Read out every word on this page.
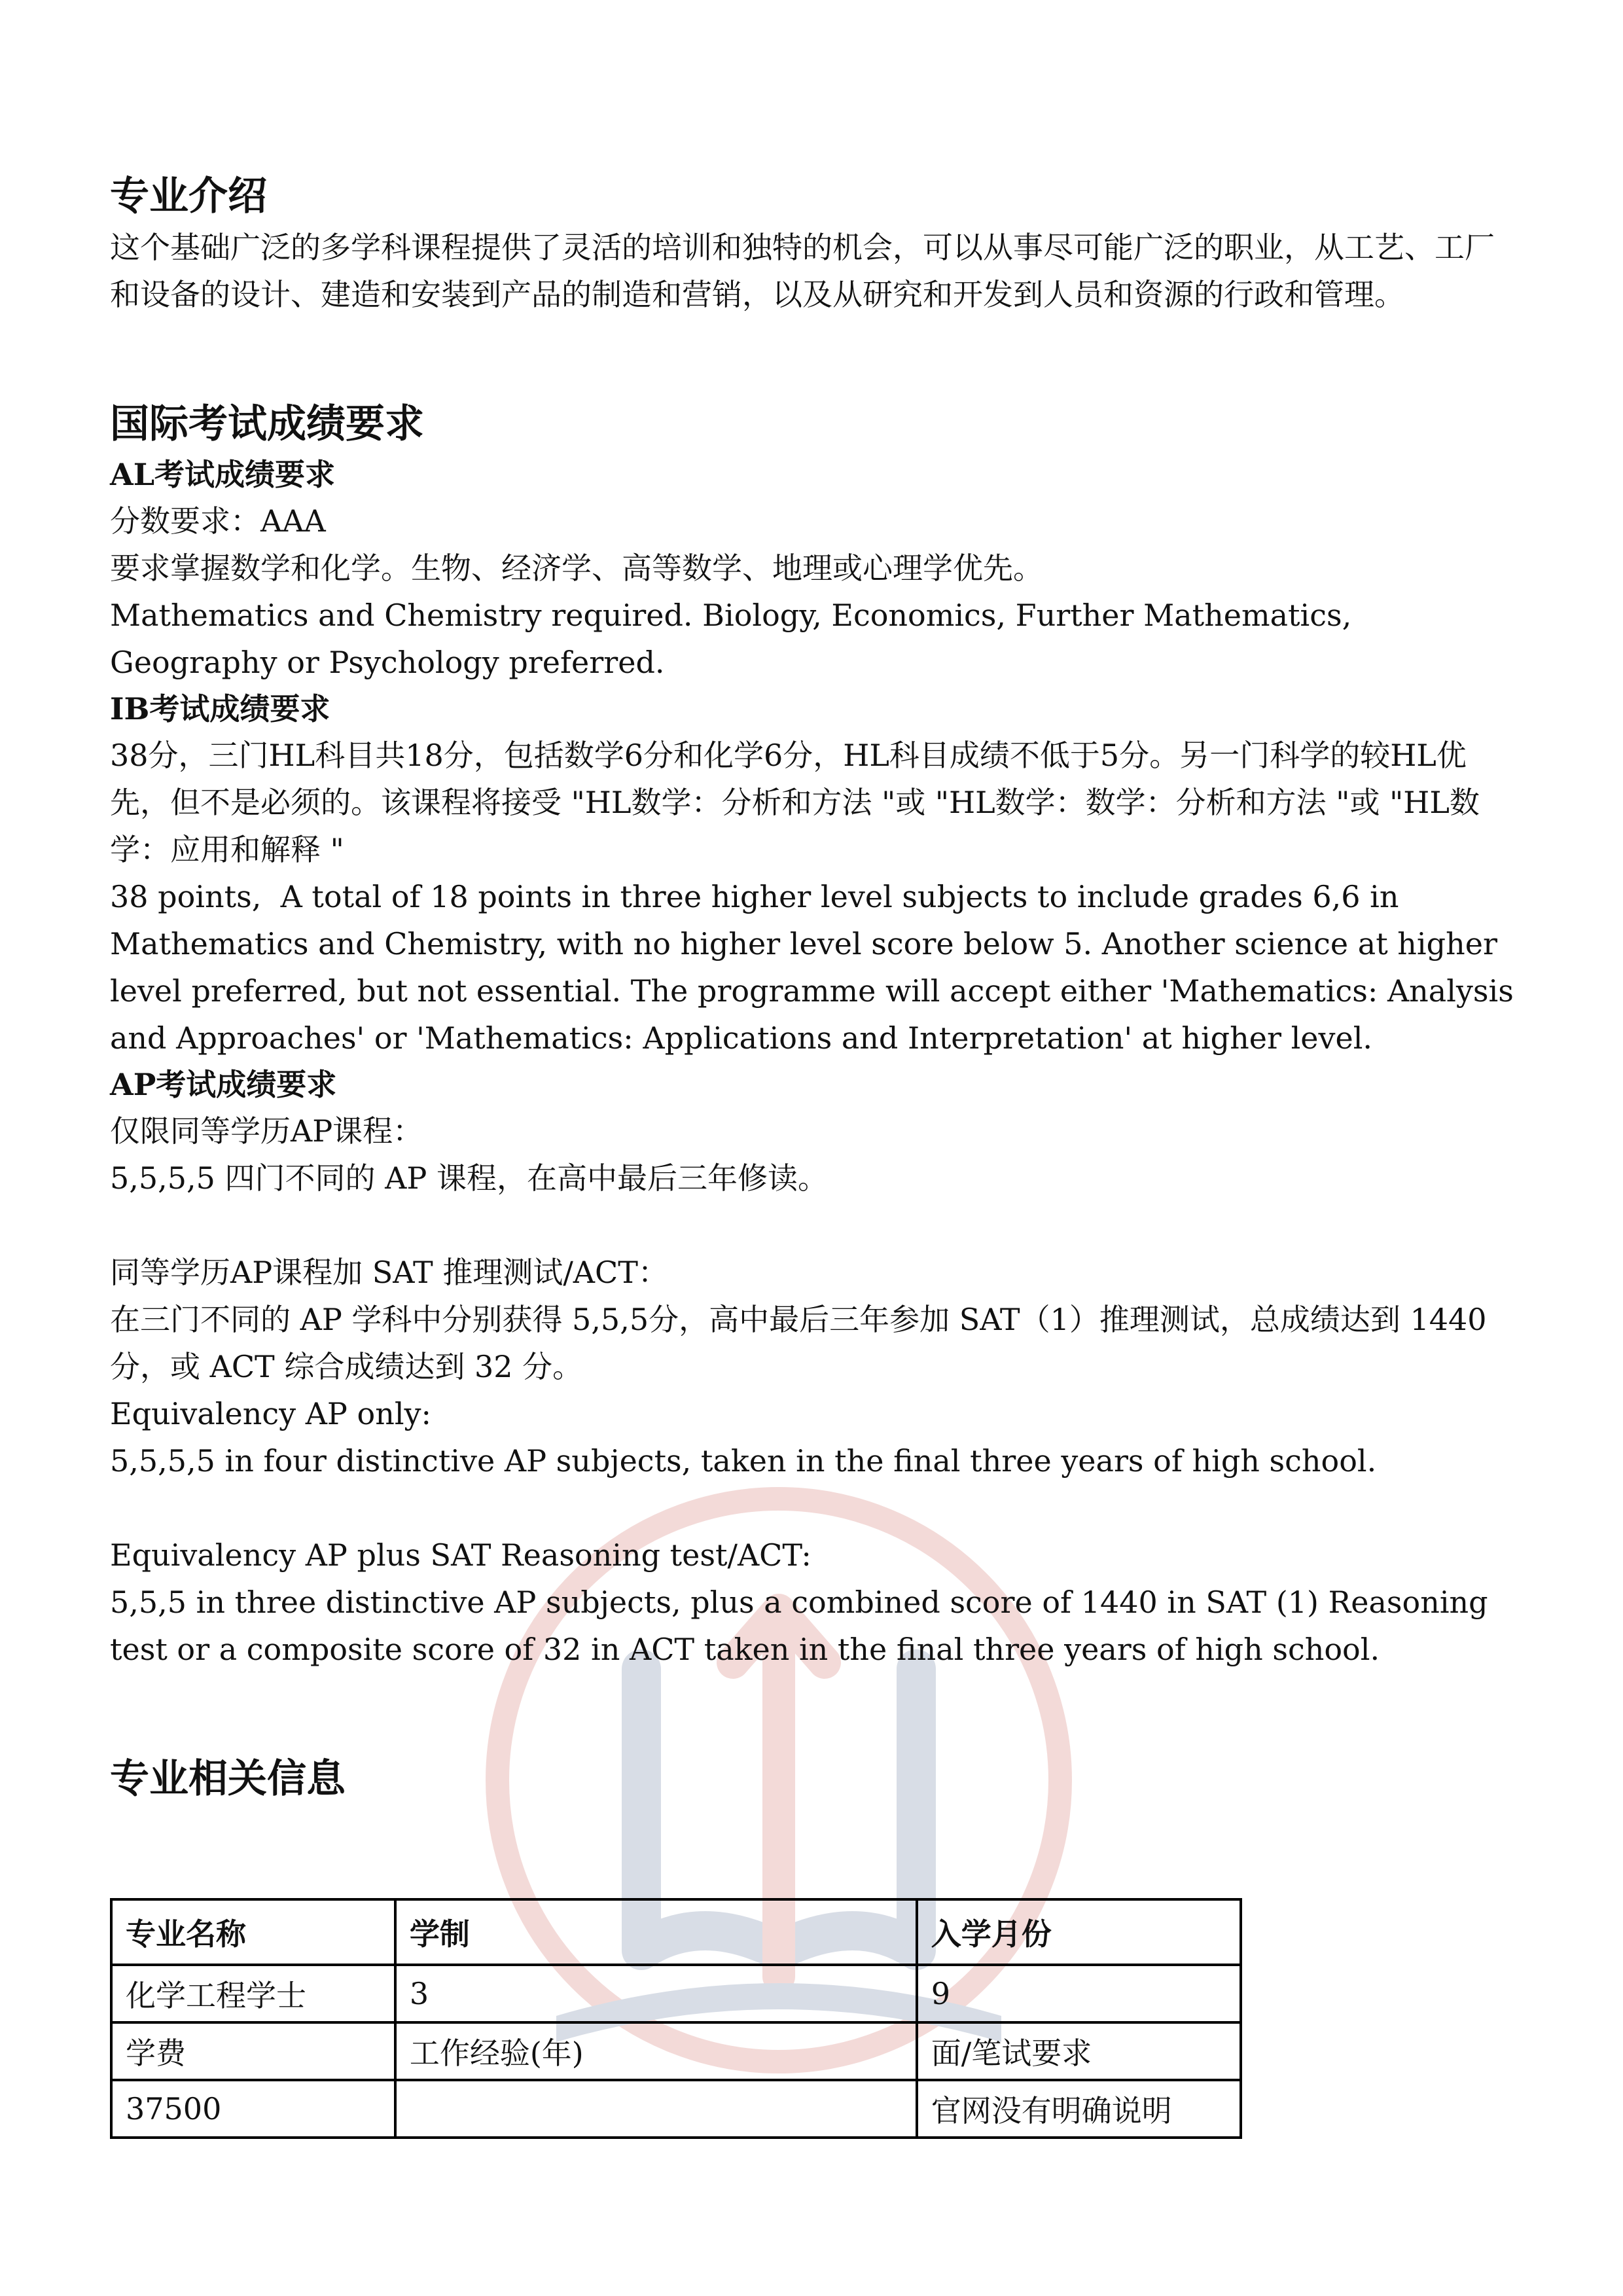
专业介绍

这个基础广泛的多学科课程提供了灵活的培训和独特的机会，可以从事尽可能广泛的职业，从工艺、工厂和设备的设计、建造和安装到产品的制造和营销，以及从研究和开发到人员和资源的行政和管理。

国际考试成绩要求
AL考试成绩要求

分数要求：AAA

要求掌握数学和化学。生物、经济学、高等数学、地理或心理学优先。

Mathematics and Chemistry required. Biology, Economics, Further Mathematics, Geography or Psychology preferred.

IB考试成绩要求

38分，三门HL科目共18分，包括数学6分和化学6分，HL科目成绩不低于5分。另一门科学的较HL优先，但不是必须的。该课程将接受 "HL数学：分析和方法 "或 "HL数学：数学：分析和方法 "或 "HL数学：应用和解释 "

38 points,  A total of 18 points in three higher level subjects to include grades 6,6 in Mathematics and Chemistry, with no higher level score below 5. Another science at higher level preferred, but not essential. The programme will accept either 'Mathematics: Analysis and Approaches' or 'Mathematics: Applications and Interpretation' at higher level.

AP考试成绩要求

仅限同等学历AP课程：

5,5,5,5 四门不同的 AP 课程，在高中最后三年修读。

同等学历AP课程加 SAT 推理测试/ACT：

在三门不同的 AP 学科中分别获得 5,5,5分，高中最后三年参加 SAT（1）推理测试，总成绩达到 1440 分，或 ACT 综合成绩达到 32 分。

Equivalency AP only:

5,5,5,5 in four distinctive AP subjects, taken in the final three years of high school.

Equivalency AP plus SAT Reasoning test/ACT:

5,5,5 in three distinctive AP subjects, plus a combined score of 1440 in SAT (1) Reasoning test or a composite score of 32 in ACT taken in the final three years of high school.

专业相关信息
专业名称	学制	入学月份
化学工程学士	3	9
学费	工作经验(年)	面/笔试要求
37500		官网没有明确说明
